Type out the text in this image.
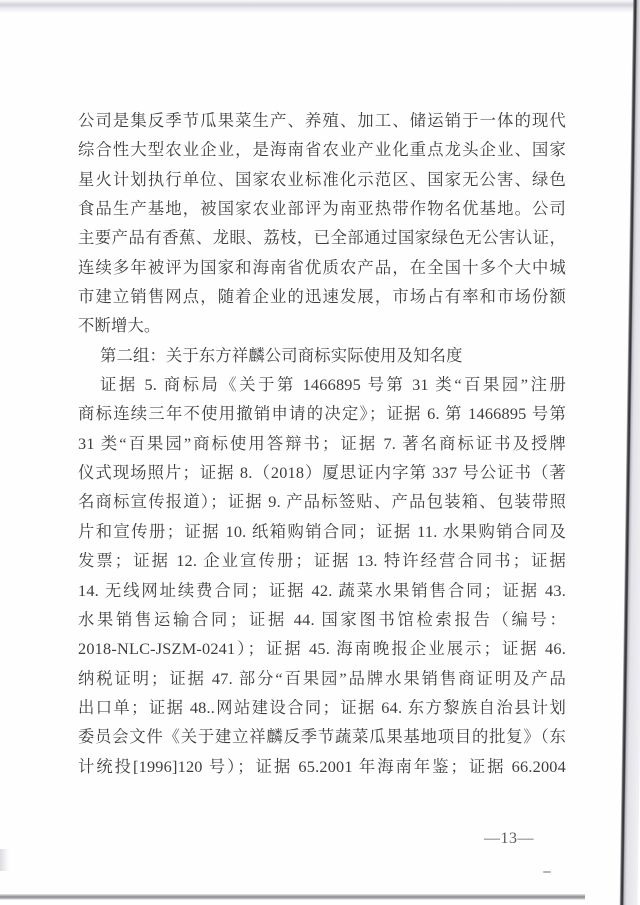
公司是集反季节瓜果菜生产、养殖、加工、储运销于一体的现代
综合性大型农业企业，是海南省农业产业化重点龙头企业、国家
星火计划执行单位、国家农业标准化示范区、国家无公害、绿色
食品生产基地，被国家农业部评为南亚热带作物名优基地。公司
主要产品有香蕉、龙眼、荔枝，已全部通过国家绿色无公害认证，
连续多年被评为国家和海南省优质农产品，在全国十多个大中城
市建立销售网点，随着企业的迅速发展，市场占有率和市场份额
不断增大。
第二组：关于东方祥麟公司商标实际使用及知名度
证据 5. 商标局《关于第 1466895 号第 31 类“百果园”注册
商标连续三年不使用撤销申请的决定》；证据 6. 第 1466895 号第
31 类“百果园”商标使用答辩书；证据 7. 著名商标证书及授牌
仪式现场照片；证据 8.（2018）厦思证内字第 337 号公证书（著
名商标宣传报道）；证据 9. 产品标签贴、产品包装箱、包装带照
片和宣传册；证据 10. 纸箱购销合同；证据 11. 水果购销合同及
发票；证据 12. 企业宣传册；证据 13. 特许经营合同书；证据
14. 无线网址续费合同；证据 42. 蔬菜水果销售合同；证据 43.
水果销售运输合同；证据 44. 国家图书馆检索报告（编号：
2018-NLC-JSZM-0241）；证据 45. 海南晚报企业展示；证据 46.
纳税证明；证据 47. 部分“百果园”品牌水果销售商证明及产品
出口单；证据 48..网站建设合同；证据 64. 东方黎族自治县计划
委员会文件《关于建立祥麟反季节蔬菜瓜果基地项目的批复》（东
计统投[1996]120 号）；证据 65.2001 年海南年鉴；证据 66.2004
—13—
